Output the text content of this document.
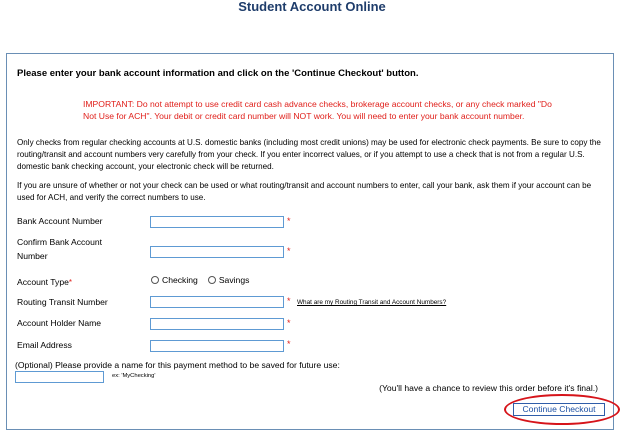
Student Account Online
Please enter your bank account information and click on the 'Continue Checkout' button.
IMPORTANT: Do not attempt to use credit card cash advance checks, brokerage account checks, or any check marked "Do Not Use for ACH". Your debit or credit card number will NOT work. You will need to enter your bank account number.
Only checks from regular checking accounts at U.S. domestic banks (including most credit unions) may be used for electronic check payments. Be sure to copy the routing/transit and account numbers very carefully from your check. If you enter incorrect values, or if you attempt to use a check that is not from a regular U.S. domestic bank checking account, your electronic check will be returned.
If you are unsure of whether or not your check can be used or what routing/transit and account numbers to enter, call your bank, ask them if your account can be used for ACH, and verify the correct numbers to use.
Bank Account Number	*
Confirm Bank Account
Number	*
Account Type*	Checking Savings
Routing Transit Number	* What are my Routing Transit and Account Numbers?
Account Holder Name	*
Email Address	*
(Optional) Please provide a name for this payment method to be saved for future use:
ex: 'MyChecking'
(You'll have a chance to review this order before it's final.)
Continue Checkout
